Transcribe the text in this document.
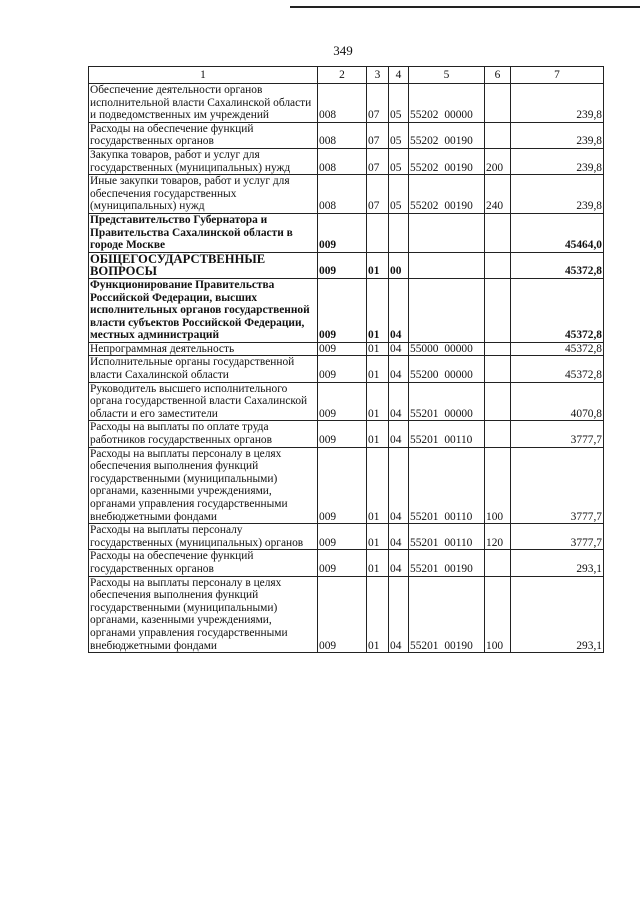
349
1	2	3	4	5	6	7
Обеспечение деятельности органов исполнительной власти Сахалинской области и подведомственных им учреждений	008	07	05	55202 00000		239,8
Расходы на обеспечение функций государственных органов	008	07	05	55202 00190		239,8
Закупка товаров, работ и услуг для государственных (муниципальных) нужд	008	07	05	55202 00190	200	239,8
Иные закупки товаров, работ и услуг для обеспечения государственных (муниципальных) нужд	008	07	05	55202 00190	240	239,8
Представительство Губернатора и Правительства Сахалинской области в городе Москве	009					45464,0
ОБЩЕГОСУДАРСТВЕННЫЕ ВОПРОСЫ	009	01	00			45372,8
Функционирование Правительства Российской Федерации, высших исполнительных органов государственной власти субъектов Российской Федерации, местных администраций	009	01	04			45372,8
Непрограммная деятельность	009	01	04	55000 00000		45372,8
Исполнительные органы государственной власти Сахалинской области	009	01	04	55200 00000		45372,8
Руководитель высшего исполнительного органа государственной власти Сахалинской области и его заместители	009	01	04	55201 00000		4070,8
Расходы на выплаты по оплате труда работников государственных органов	009	01	04	55201 00110		3777,7
Расходы на выплаты персоналу в целях обеспечения выполнения функций государственными (муниципальными) органами, казенными учреждениями, органами управления государственными внебюджетными фондами	009	01	04	55201 00110	100	3777,7
Расходы на выплаты персоналу государственных (муниципальных) органов	009	01	04	55201 00110	120	3777,7
Расходы на обеспечение функций государственных органов	009	01	04	55201 00190		293,1
Расходы на выплаты персоналу в целях обеспечения выполнения функций государственными (муниципальными) органами, казенными учреждениями, органами управления государственными внебюджетными фондами	009	01	04	55201 00190	100	293,1
